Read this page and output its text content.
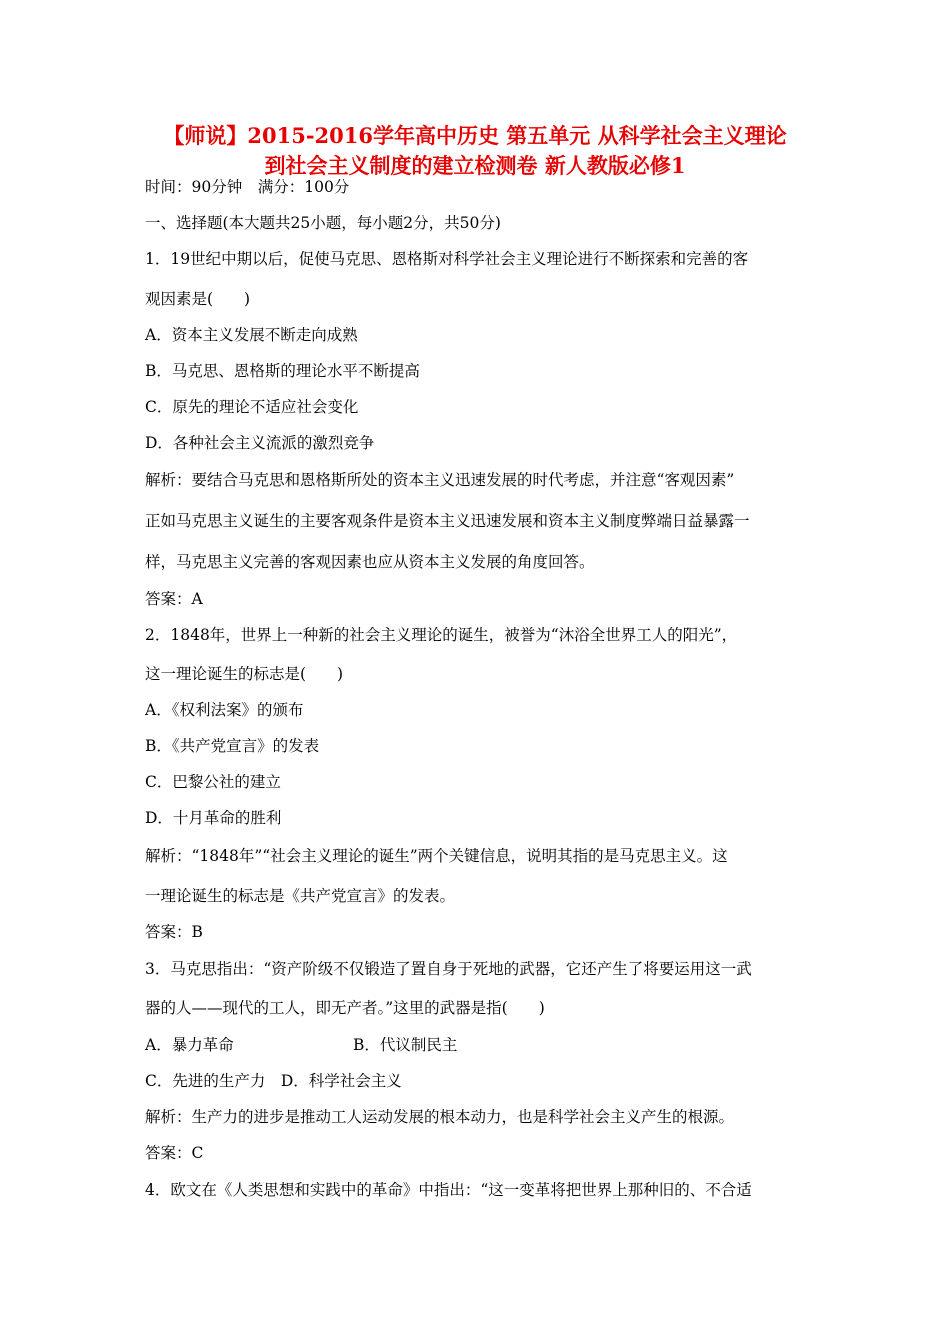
【师说】2015-2016学年高中历史 第五单元 从科学社会主义理论
到社会主义制度的建立检测卷 新人教版必修1
时间：90分钟　满分：100分
一、选择题(本大题共25小题，每小题2分，共50分)
1．19世纪中期以后，促使马克思、恩格斯对科学社会主义理论进行不断探索和完善的客
观因素是(　　)
A．资本主义发展不断走向成熟
B．马克思、恩格斯的理论水平不断提高
C．原先的理论不适应社会变化
D．各种社会主义流派的激烈竞争
解析：要结合马克思和恩格斯所处的资本主义迅速发展的时代考虑，并注意“客观因素”
正如马克思主义诞生的主要客观条件是资本主义迅速发展和资本主义制度弊端日益暴露一
样，马克思主义完善的客观因素也应从资本主义发展的角度回答。
答案：A
2．1848年，世界上一种新的社会主义理论的诞生，被誉为“沐浴全世界工人的阳光”，
这一理论诞生的标志是(　　)
A．《权利法案》的颁布
B．《共产党宣言》的发表
C．巴黎公社的建立
D．十月革命的胜利
解析：“1848年”“社会主义理论的诞生”两个关键信息，说明其指的是马克思主义。这
一理论诞生的标志是《共产党宣言》的发表。
答案：B
3．马克思指出：“资产阶级不仅锻造了置自身于死地的武器，它还产生了将要运用这一武
器的人——现代的工人，即无产者。”这里的武器是指(　　)
A．暴力革命	B．代议制民主
C．先进的生产力　D．科学社会主义
解析：生产力的进步是推动工人运动发展的根本动力，也是科学社会主义产生的根源。
答案：C
4．欧文在《人类思想和实践中的革命》中指出：“这一变革将把世界上那种旧的、不合适
